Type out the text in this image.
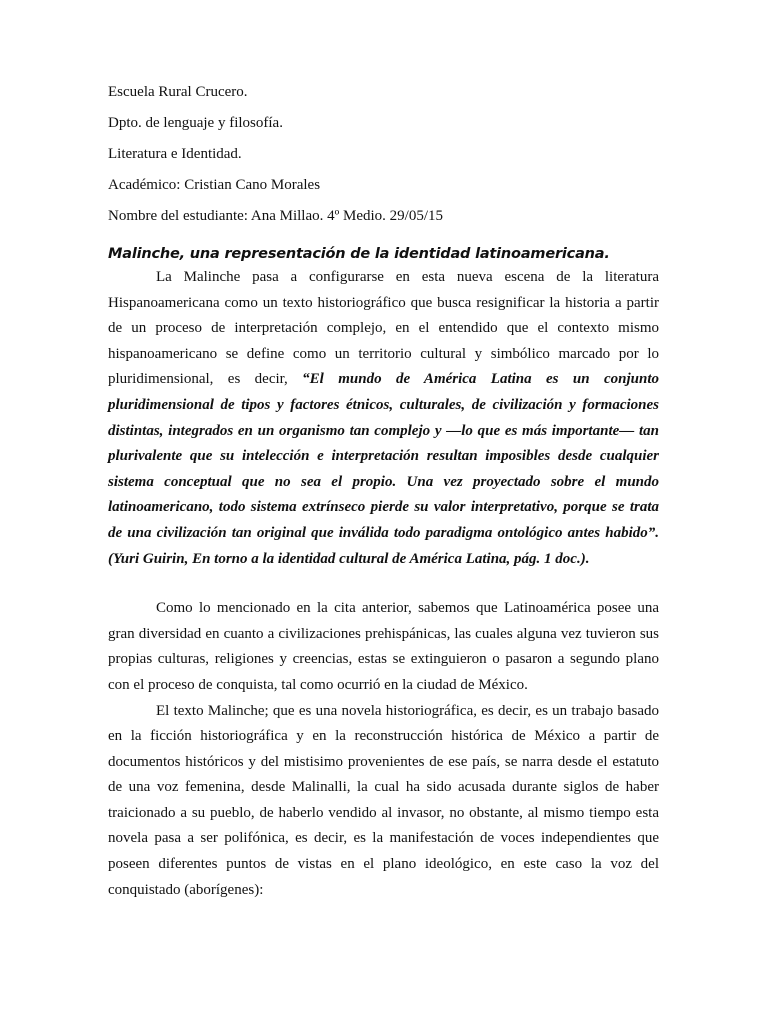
Escuela Rural Crucero.
Dpto. de lenguaje y filosofía.
Literatura e Identidad.
Académico: Cristian Cano Morales
Nombre del estudiante: Ana Millao. 4º Medio. 29/05/15
Malinche, una representación de la identidad latinoamericana.

La Malinche pasa a configurarse en esta nueva escena de la literatura Hispanoamericana como un texto historiográfico que busca resignificar la historia a partir de un proceso de interpretación complejo, en el entendido que el contexto mismo hispanoamericano se define como un territorio cultural y simbólico marcado por lo pluridimensional, es decir, “El mundo de América Latina es un conjunto pluridimensional de tipos y factores étnicos, culturales, de civilización y formaciones distintas, integrados en un organismo tan complejo y —lo que es más importante— tan plurivalente que su intelección e interpretación resultan imposibles desde cualquier sistema conceptual que no sea el propio. Una vez proyectado sobre el mundo latinoamericano, todo sistema extrínseco pierde su valor interpretativo, porque se trata de una civilización tan original que inválida todo paradigma ontológico antes habido”. (Yuri Guirin, En torno a la identidad cultural de América Latina, pág. 1 doc.).

Como lo mencionado en la cita anterior, sabemos que Latinoamérica posee una gran diversidad en cuanto a civilizaciones prehispánicas, las cuales alguna vez tuvieron sus propias culturas, religiones y creencias, estas se extinguieron o pasaron a segundo plano con el proceso de conquista, tal como ocurrió en la ciudad de México.

El texto Malinche; que es una novela historiográfica, es decir, es un trabajo basado en la ficción historiográfica y en la reconstrucción histórica de México a partir de documentos históricos y del mistisimo provenientes de ese país, se narra desde el estatuto de una voz femenina, desde Malinalli, la cual ha sido acusada durante siglos de haber traicionado a su pueblo, de haberlo vendido al invasor, no obstante, al mismo tiempo esta novela pasa a ser polifónica, es decir, es la manifestación de voces independientes que poseen diferentes puntos de vistas en el plano ideológico, en este caso la voz del conquistado (aborígenes):
